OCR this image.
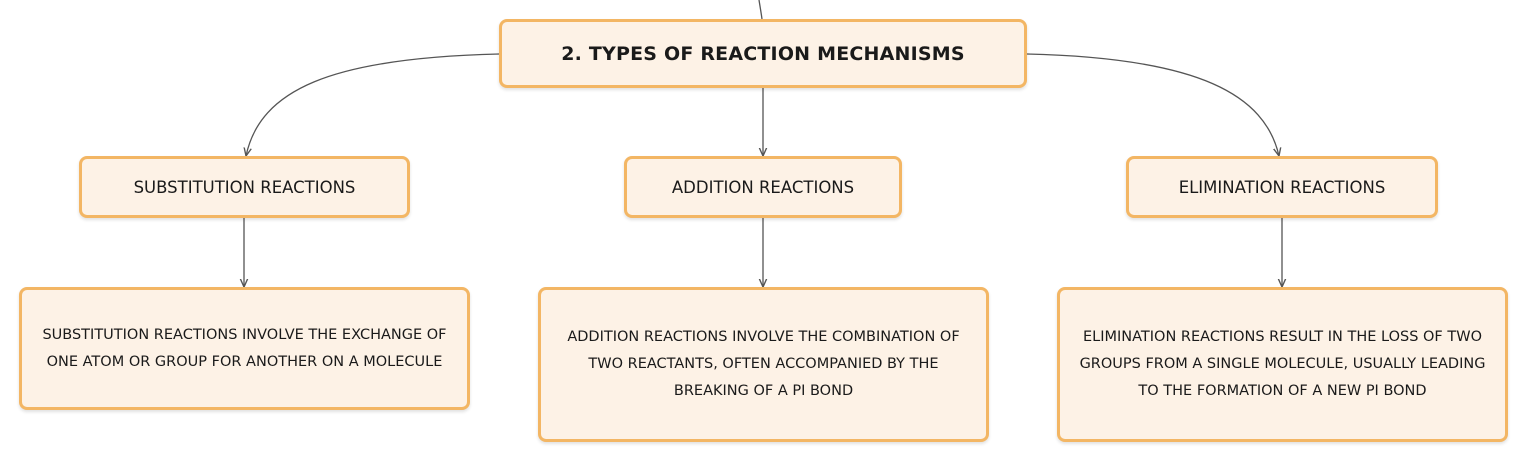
2. TYPES OF REACTION MECHANISMS
SUBSTITUTION REACTIONS	ADDITION REACTIONS	ELIMINATION REACTIONS
SUBSTITUTION REACTIONS INVOLVE THE EXCHANGE OF ONE ATOM OR GROUP FOR ANOTHER ON A MOLECULE
ADDITION REACTIONS INVOLVE THE COMBINATION OF TWO REACTANTS, OFTEN ACCOMPANIED BY THE BREAKING OF A PI BOND
ELIMINATION REACTIONS RESULT IN THE LOSS OF TWO GROUPS FROM A SINGLE MOLECULE, USUALLY LEADING TO THE FORMATION OF A NEW PI BOND
